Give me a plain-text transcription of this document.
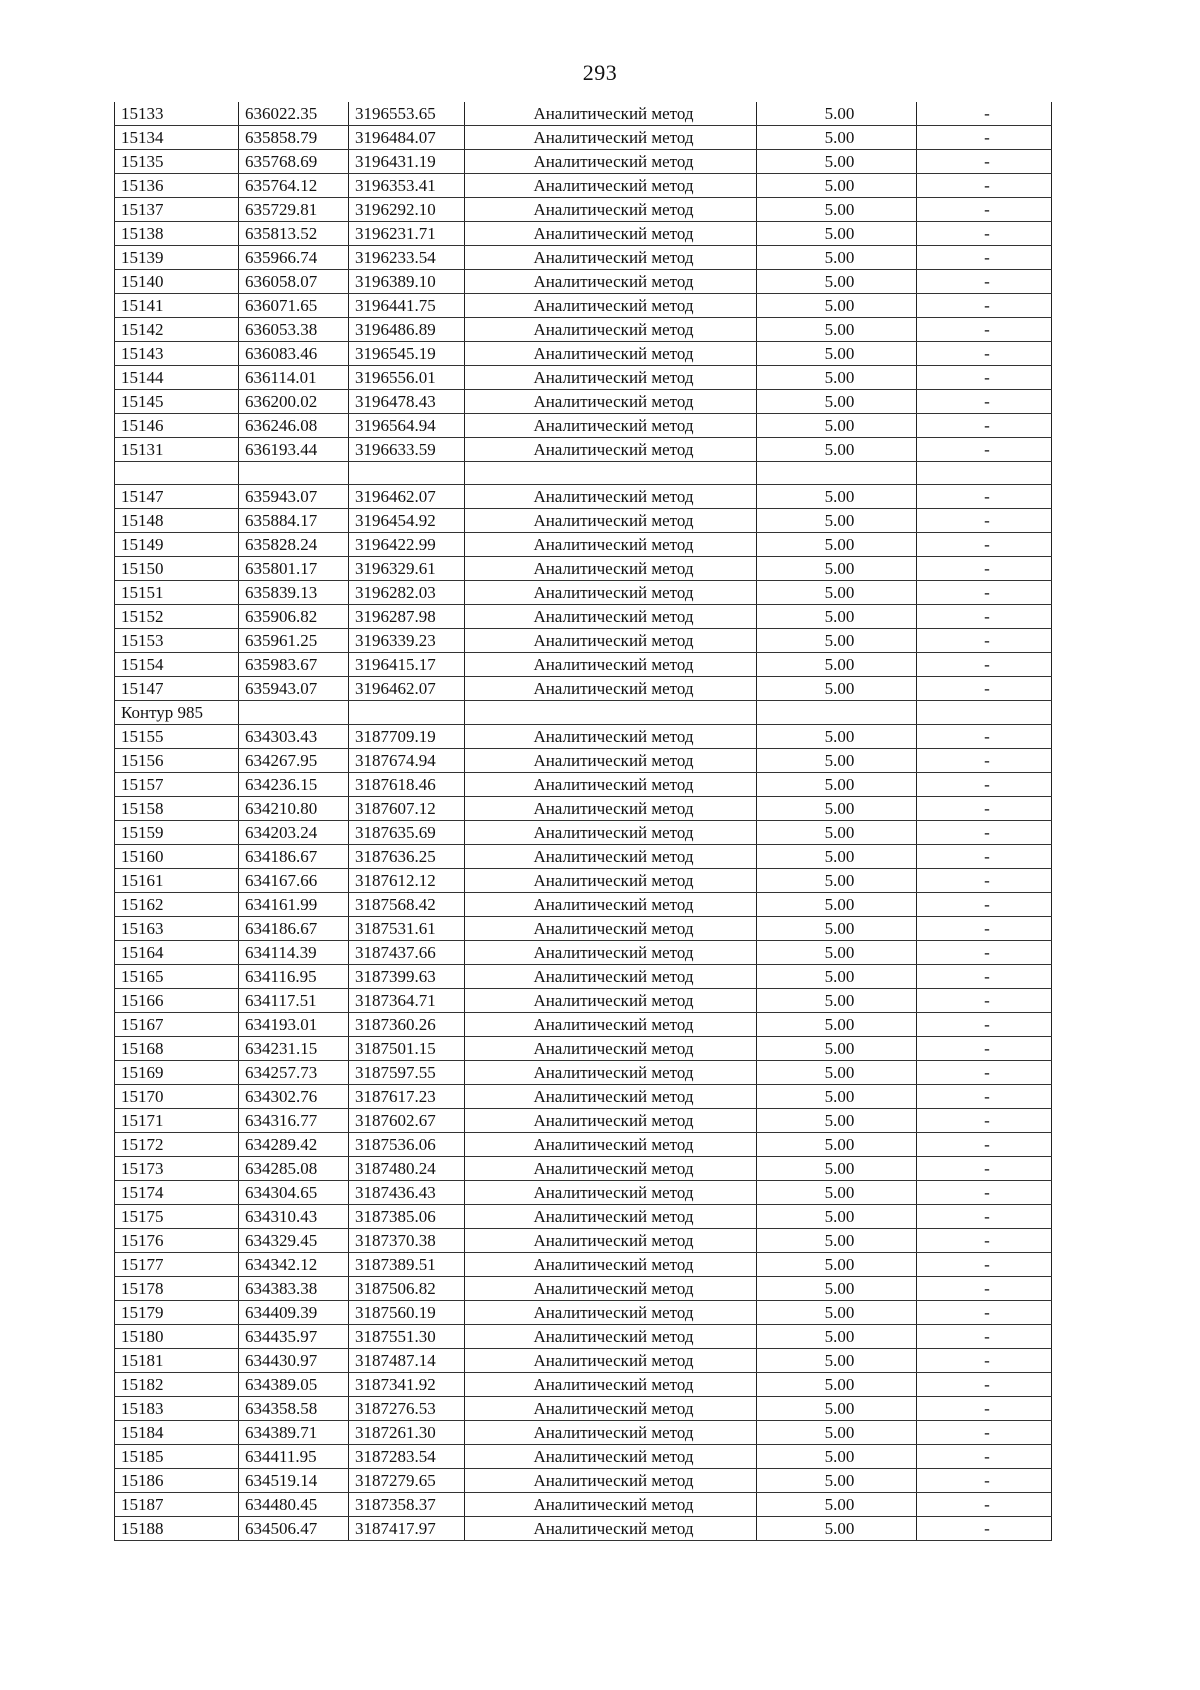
293
15133	636022.35	3196553.65	Аналитический метод	5.00	-
15134	635858.79	3196484.07	Аналитический метод	5.00	-
15135	635768.69	3196431.19	Аналитический метод	5.00	-
15136	635764.12	3196353.41	Аналитический метод	5.00	-
15137	635729.81	3196292.10	Аналитический метод	5.00	-
15138	635813.52	3196231.71	Аналитический метод	5.00	-
15139	635966.74	3196233.54	Аналитический метод	5.00	-
15140	636058.07	3196389.10	Аналитический метод	5.00	-
15141	636071.65	3196441.75	Аналитический метод	5.00	-
15142	636053.38	3196486.89	Аналитический метод	5.00	-
15143	636083.46	3196545.19	Аналитический метод	5.00	-
15144	636114.01	3196556.01	Аналитический метод	5.00	-
15145	636200.02	3196478.43	Аналитический метод	5.00	-
15146	636246.08	3196564.94	Аналитический метод	5.00	-
15131	636193.44	3196633.59	Аналитический метод	5.00	-

15147	635943.07	3196462.07	Аналитический метод	5.00	-
15148	635884.17	3196454.92	Аналитический метод	5.00	-
15149	635828.24	3196422.99	Аналитический метод	5.00	-
15150	635801.17	3196329.61	Аналитический метод	5.00	-
15151	635839.13	3196282.03	Аналитический метод	5.00	-
15152	635906.82	3196287.98	Аналитический метод	5.00	-
15153	635961.25	3196339.23	Аналитический метод	5.00	-
15154	635983.67	3196415.17	Аналитический метод	5.00	-
15147	635943.07	3196462.07	Аналитический метод	5.00	-
Контур 985					
15155	634303.43	3187709.19	Аналитический метод	5.00	-
15156	634267.95	3187674.94	Аналитический метод	5.00	-
15157	634236.15	3187618.46	Аналитический метод	5.00	-
15158	634210.80	3187607.12	Аналитический метод	5.00	-
15159	634203.24	3187635.69	Аналитический метод	5.00	-
15160	634186.67	3187636.25	Аналитический метод	5.00	-
15161	634167.66	3187612.12	Аналитический метод	5.00	-
15162	634161.99	3187568.42	Аналитический метод	5.00	-
15163	634186.67	3187531.61	Аналитический метод	5.00	-
15164	634114.39	3187437.66	Аналитический метод	5.00	-
15165	634116.95	3187399.63	Аналитический метод	5.00	-
15166	634117.51	3187364.71	Аналитический метод	5.00	-
15167	634193.01	3187360.26	Аналитический метод	5.00	-
15168	634231.15	3187501.15	Аналитический метод	5.00	-
15169	634257.73	3187597.55	Аналитический метод	5.00	-
15170	634302.76	3187617.23	Аналитический метод	5.00	-
15171	634316.77	3187602.67	Аналитический метод	5.00	-
15172	634289.42	3187536.06	Аналитический метод	5.00	-
15173	634285.08	3187480.24	Аналитический метод	5.00	-
15174	634304.65	3187436.43	Аналитический метод	5.00	-
15175	634310.43	3187385.06	Аналитический метод	5.00	-
15176	634329.45	3187370.38	Аналитический метод	5.00	-
15177	634342.12	3187389.51	Аналитический метод	5.00	-
15178	634383.38	3187506.82	Аналитический метод	5.00	-
15179	634409.39	3187560.19	Аналитический метод	5.00	-
15180	634435.97	3187551.30	Аналитический метод	5.00	-
15181	634430.97	3187487.14	Аналитический метод	5.00	-
15182	634389.05	3187341.92	Аналитический метод	5.00	-
15183	634358.58	3187276.53	Аналитический метод	5.00	-
15184	634389.71	3187261.30	Аналитический метод	5.00	-
15185	634411.95	3187283.54	Аналитический метод	5.00	-
15186	634519.14	3187279.65	Аналитический метод	5.00	-
15187	634480.45	3187358.37	Аналитический метод	5.00	-
15188	634506.47	3187417.97	Аналитический метод	5.00	-
